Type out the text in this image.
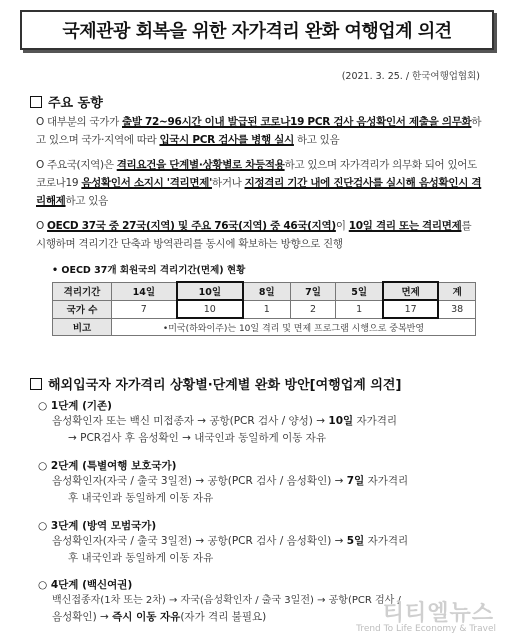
국제관광 회복을 위한 자가격리 완화 여행업계 의견
(2021. 3. 25. / 한국여행업협회)
주요 동향
O 대부분의 국가가 출발 72~96시간 이내 발급된 코로나19 PCR 검사 음성확인서 제출을 의무화하고 있으며 국가·지역에 따라 입국시 PCR 검사를 병행 실시 하고 있음
O 주요국(지역)은 격리요건을 단계별·상황별로 차등적용하고 있으며 자가격리가 의무화 되어 있어도 코로나19 음성확인서 소지시 '격리면제'하거나 지정격리 기간 내에 진단검사를 실시해 음성확인시 격리해제하고 있음
O OECD 37국 중 27국(지역) 및 주요 76국(지역) 중 46국(지역)이 10일 격리 또는 격리면제를 시행하며 격리기간 단축과 방역관리를 동시에 확보하는 방향으로 진행
• OECD 37개 회원국의 격리기간(면제) 현황
격리기간	14일	10일	8일	7일	5일	면제	계
국가 수	7	10	1	2	1	17	38
비고	•미국(하와이주)는 10일 격리 및 면제 프로그램 시행으로 중복반영						
해외입국자 자가격리 상황별·단계별 완화 방안[여행업계 의견]
○ 1단계 (기존)
음성확인자 또는 백신 미접종자 → 공항(PCR 검사 / 양성) → 10일 자가격리
→ PCR검사 후 음성확인 → 내국인과 동일하게 이동 자유
○ 2단계 (특별여행 보호국가)
음성확인자(자국 / 출국 3일전) → 공항(PCR 검사 / 음성확인) → 7일 자가격리
후 내국인과 동일하게 이동 자유
○ 3단계 (방역 모범국가)
음성확인자(자국 / 출국 3일전) → 공항(PCR 검사 / 음성확인) → 5일 자가격리
후 내국인과 동일하게 이동 자유
○ 4단계 (백신여권)
백신접종자(1차 또는 2차) → 자국(음성확인자 / 출국 3일전) → 공항(PCR 검사 /
음성확인) → 즉시 이동 자유(자가 격리 불필요)	티티엘뉴스
Trend To Life Economy & Travel
